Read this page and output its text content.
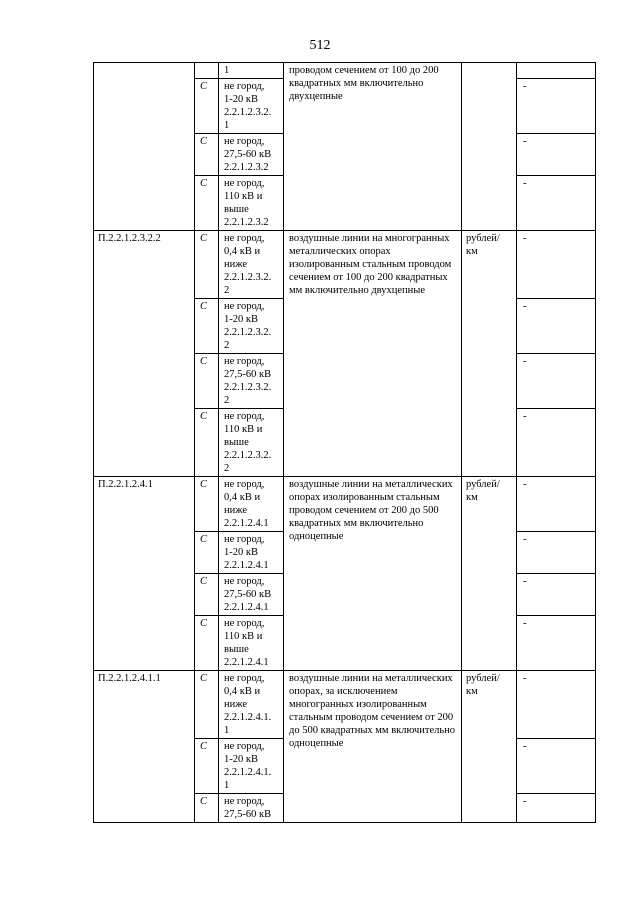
512
		1	проводом сечением от 100 до 200 квадратных мм включительно двухцепные		
	С	не город,
1-20 кВ
2.2.1.2.3.2.
1			-
	С	не город,
27,5-60 кВ
2.2.1.2.3.2			-
	С	не город,
110 кВ и
выше
2.2.1.2.3.2			-
П.2.2.1.2.3.2.2	С	не город,
0,4 кВ и
ниже
2.2.1.2.3.2.
2	воздушные линии на многогранных металлических опорах изолированным стальным проводом сечением от 100 до 200 квадратных мм включительно двухцепные	рублей/
км	-
	С	не город,
1-20 кВ
2.2.1.2.3.2.
2			-
	С	не город,
27,5-60 кВ
2.2.1.2.3.2.
2			-
	С	не город,
110 кВ и
выше
2.2.1.2.3.2.
2			-
П.2.2.1.2.4.1	С	не город,
0,4 кВ и
ниже
2.2.1.2.4.1	воздушные линии на металлических опорах изолированным стальным проводом сечением от 200 до 500 квадратных мм включительно одноцепные	рублей/
км	-
	С	не город,
1-20 кВ
2.2.1.2.4.1			-
	С	не город,
27,5-60 кВ
2.2.1.2.4.1			-
	С	не город,
110 кВ и
выше
2.2.1.2.4.1			-
П.2.2.1.2.4.1.1	С	не город,
0,4 кВ и
ниже
2.2.1.2.4.1.
1	воздушные линии на металлических опорах, за исключением многогранных изолированным стальным проводом сечением от 200 до 500 квадратных мм включительно одноцепные	рублей/
км	-
	С	не город,
1-20 кВ
2.2.1.2.4.1.
1			-
	С	не город,
27,5-60 кВ			-
